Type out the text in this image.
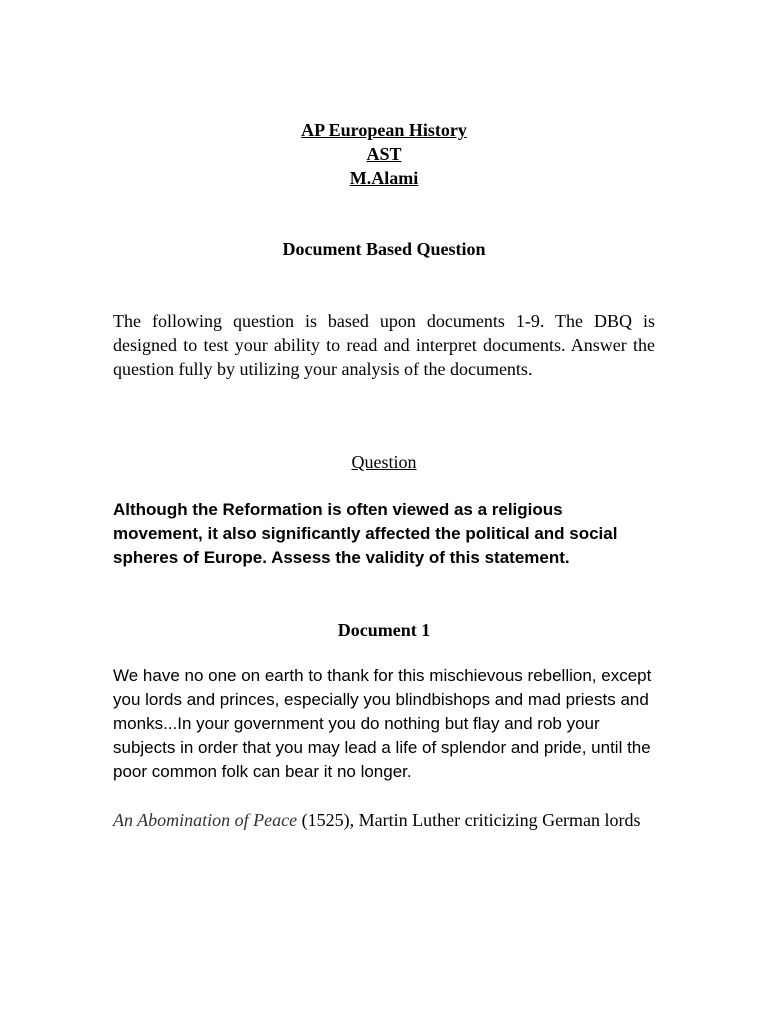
AP European History
AST
M.Alami
Document Based Question

The following question is based upon documents 1-9. The DBQ is designed to test your ability to read and interpret documents. Answer the question fully by utilizing your analysis of the documents.

Question

Although the Reformation is often viewed as a religious movement, it also significantly affected the political and social spheres of Europe. Assess the validity of this statement.

Document 1

We have no one on earth to thank for this mischievous rebellion, except you lords and princes, especially you blindbishops and mad priests and monks...In your government you do nothing but flay and rob your subjects in order that you may lead a life of splendor and pride, until the poor common folk can bear it no longer.

An Abomination of Peace (1525), Martin Luther criticizing German lords
